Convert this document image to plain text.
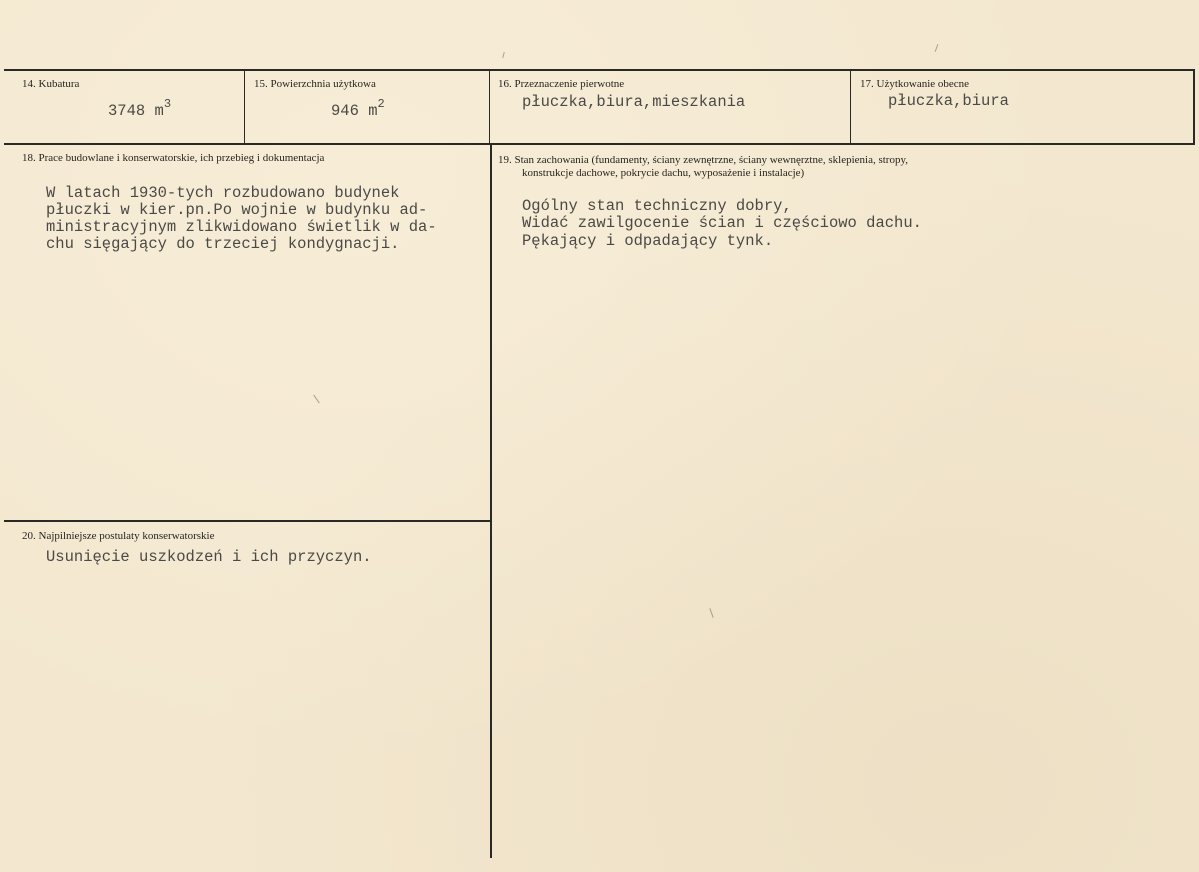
14. Kubatura
3748 $m^3$
15. Powierzchnia użytkowa
946 $m^2$
16. Przeznaczenie pierwotne
płuczka,biura,mieszkania
17. Użytkowanie obecne
płuczka,biura
18. Prace budowlane i konserwatorskie, ich przebieg i dokumentacja
W latach 1930-tych rozbudowano budynek
płuczki w kier.pn.Po wojnie w budynku ad-
ministracyjnym zlikwidowano świetlik w da-
chu sięgający do trzeciej kondygnacji.
19. Stan zachowania (fundamenty, ściany zewnętrzne, ściany wewnęrztne, sklepienia, stropy,
konstrukcje dachowe, pokrycie dachu, wyposażenie i instalacje)
Ogólny stan techniczny dobry,
Widać zawilgocenie ścian i częściowo dachu.
Pękający i odpadający tynk.
20. Najpilniejsze postulaty konserwatorskie
Usunięcie uszkodzeń i ich przyczyn.
